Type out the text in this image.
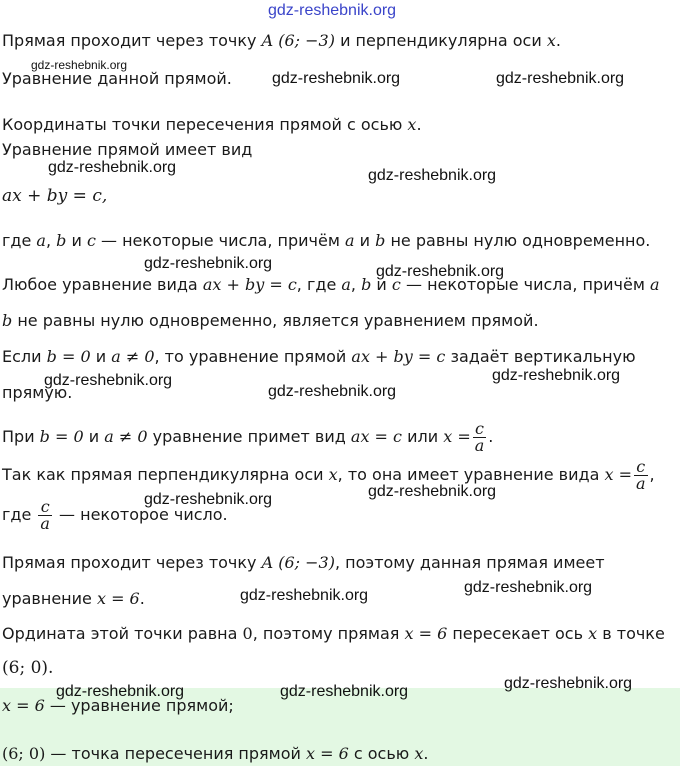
Прямая проходит через точку A (6; −3) и перпендикулярна оси x.
Уравнение данной прямой.
Координаты точки пересечения прямой с осью x.
Уравнение прямой имеет вид
ax + by = c,
где a, b и c — некоторые числа, причём a и b не равны нулю одновременно.
Любое уравнение вида ax + by = c, где a, b и c — некоторые числа, причём a
b не равны нулю одновременно, является уравнением прямой.
Если b = 0 и a ≠ 0, то уравнение прямой ax + by = c задаёт вертикальную
прямую.
При b = 0 и a ≠ 0 уравнение примет вид ax = c или $x = \frac{c}{a}$ .
Так как прямая перпендикулярна оси x, то она имеет уравнение вида $x = \frac{c}{a}$ ,
где $\frac{c}{a}$ — некоторое число.
Прямая проходит через точку A (6; −3), поэтому данная прямая имеет
уравнение x = 6.
Ордината этой точки равна 0, поэтому прямая x = 6 пересекает ось x в точке
(6; 0).
x = 6 — уравнение прямой;
(6; 0) — точка пересечения прямой x = 6 с осью x.
gdz-reshebnik.org
gdz-reshebnik.org
gdz-reshebnik.org	gdz-reshebnik.org
gdz-reshebnik.org	gdz-reshebnik.org
gdz-reshebnik.org	gdz-reshebnik.org
gdz-reshebnik.org
gdz-reshebnik.org
gdz-reshebnik.org
gdz-reshebnik.org	gdz-reshebnik.org
gdz-reshebnik.org	gdz-reshebnik.org
gdz-reshebnik.org	gdz-reshebnik.org	gdz-reshebnik.org
